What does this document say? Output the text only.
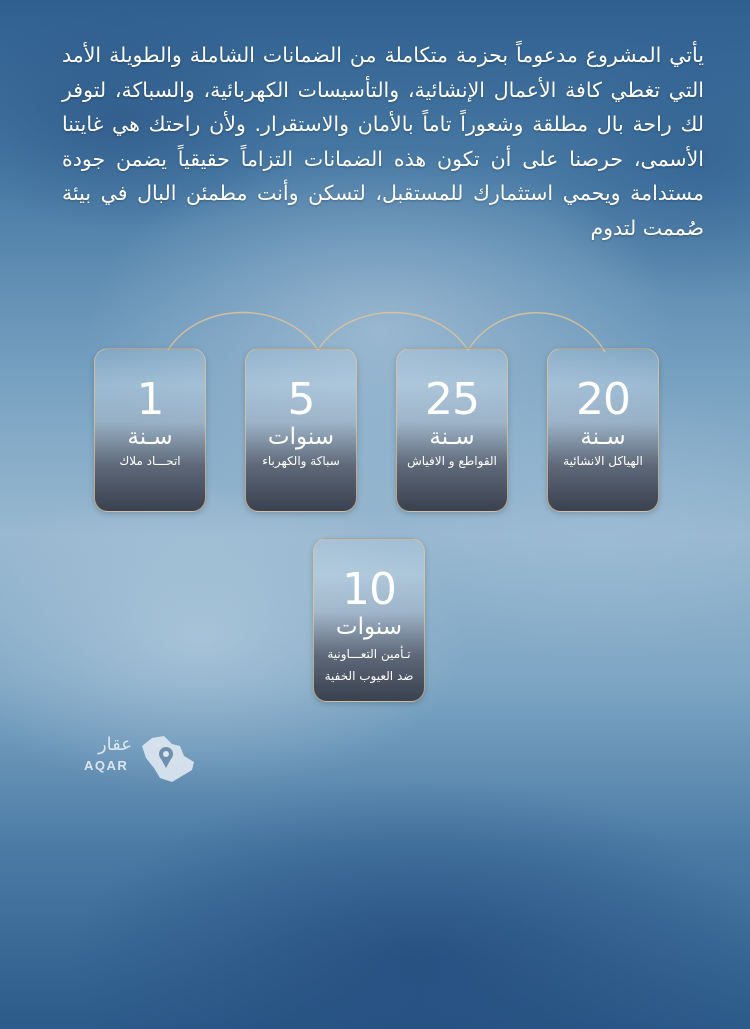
يأتي المشروع مدعوماً بحزمة متكاملة من الضمانات الشاملة والطويلة الأمد التي تغطي كافة الأعمال الإنشائية، والتأسيسات الكهربائية، والسباكة، لتوفر لك راحة بال مطلقة وشعوراً تاماً بالأمان والاستقرار. ولأن راحتك هي غايتنا الأسمى، حرصنا على أن تكون هذه الضمانات التزاماً حقيقياً يضمن جودة مستدامة ويحمي استثمارك للمستقبل، لتسكن وأنت مطمئن البال في بيئة صُممت لتدوم
20
سـنة
الهياكل الانشائية
25
سـنة
القواطع و الافياش
5
سنوات
سباكة والكهرباء
1
سـنة
اتحـــاد ملاك
10
سنوات
تـأمين التعـــاونية ضد العيوب الخفية
عقار
AQAR
